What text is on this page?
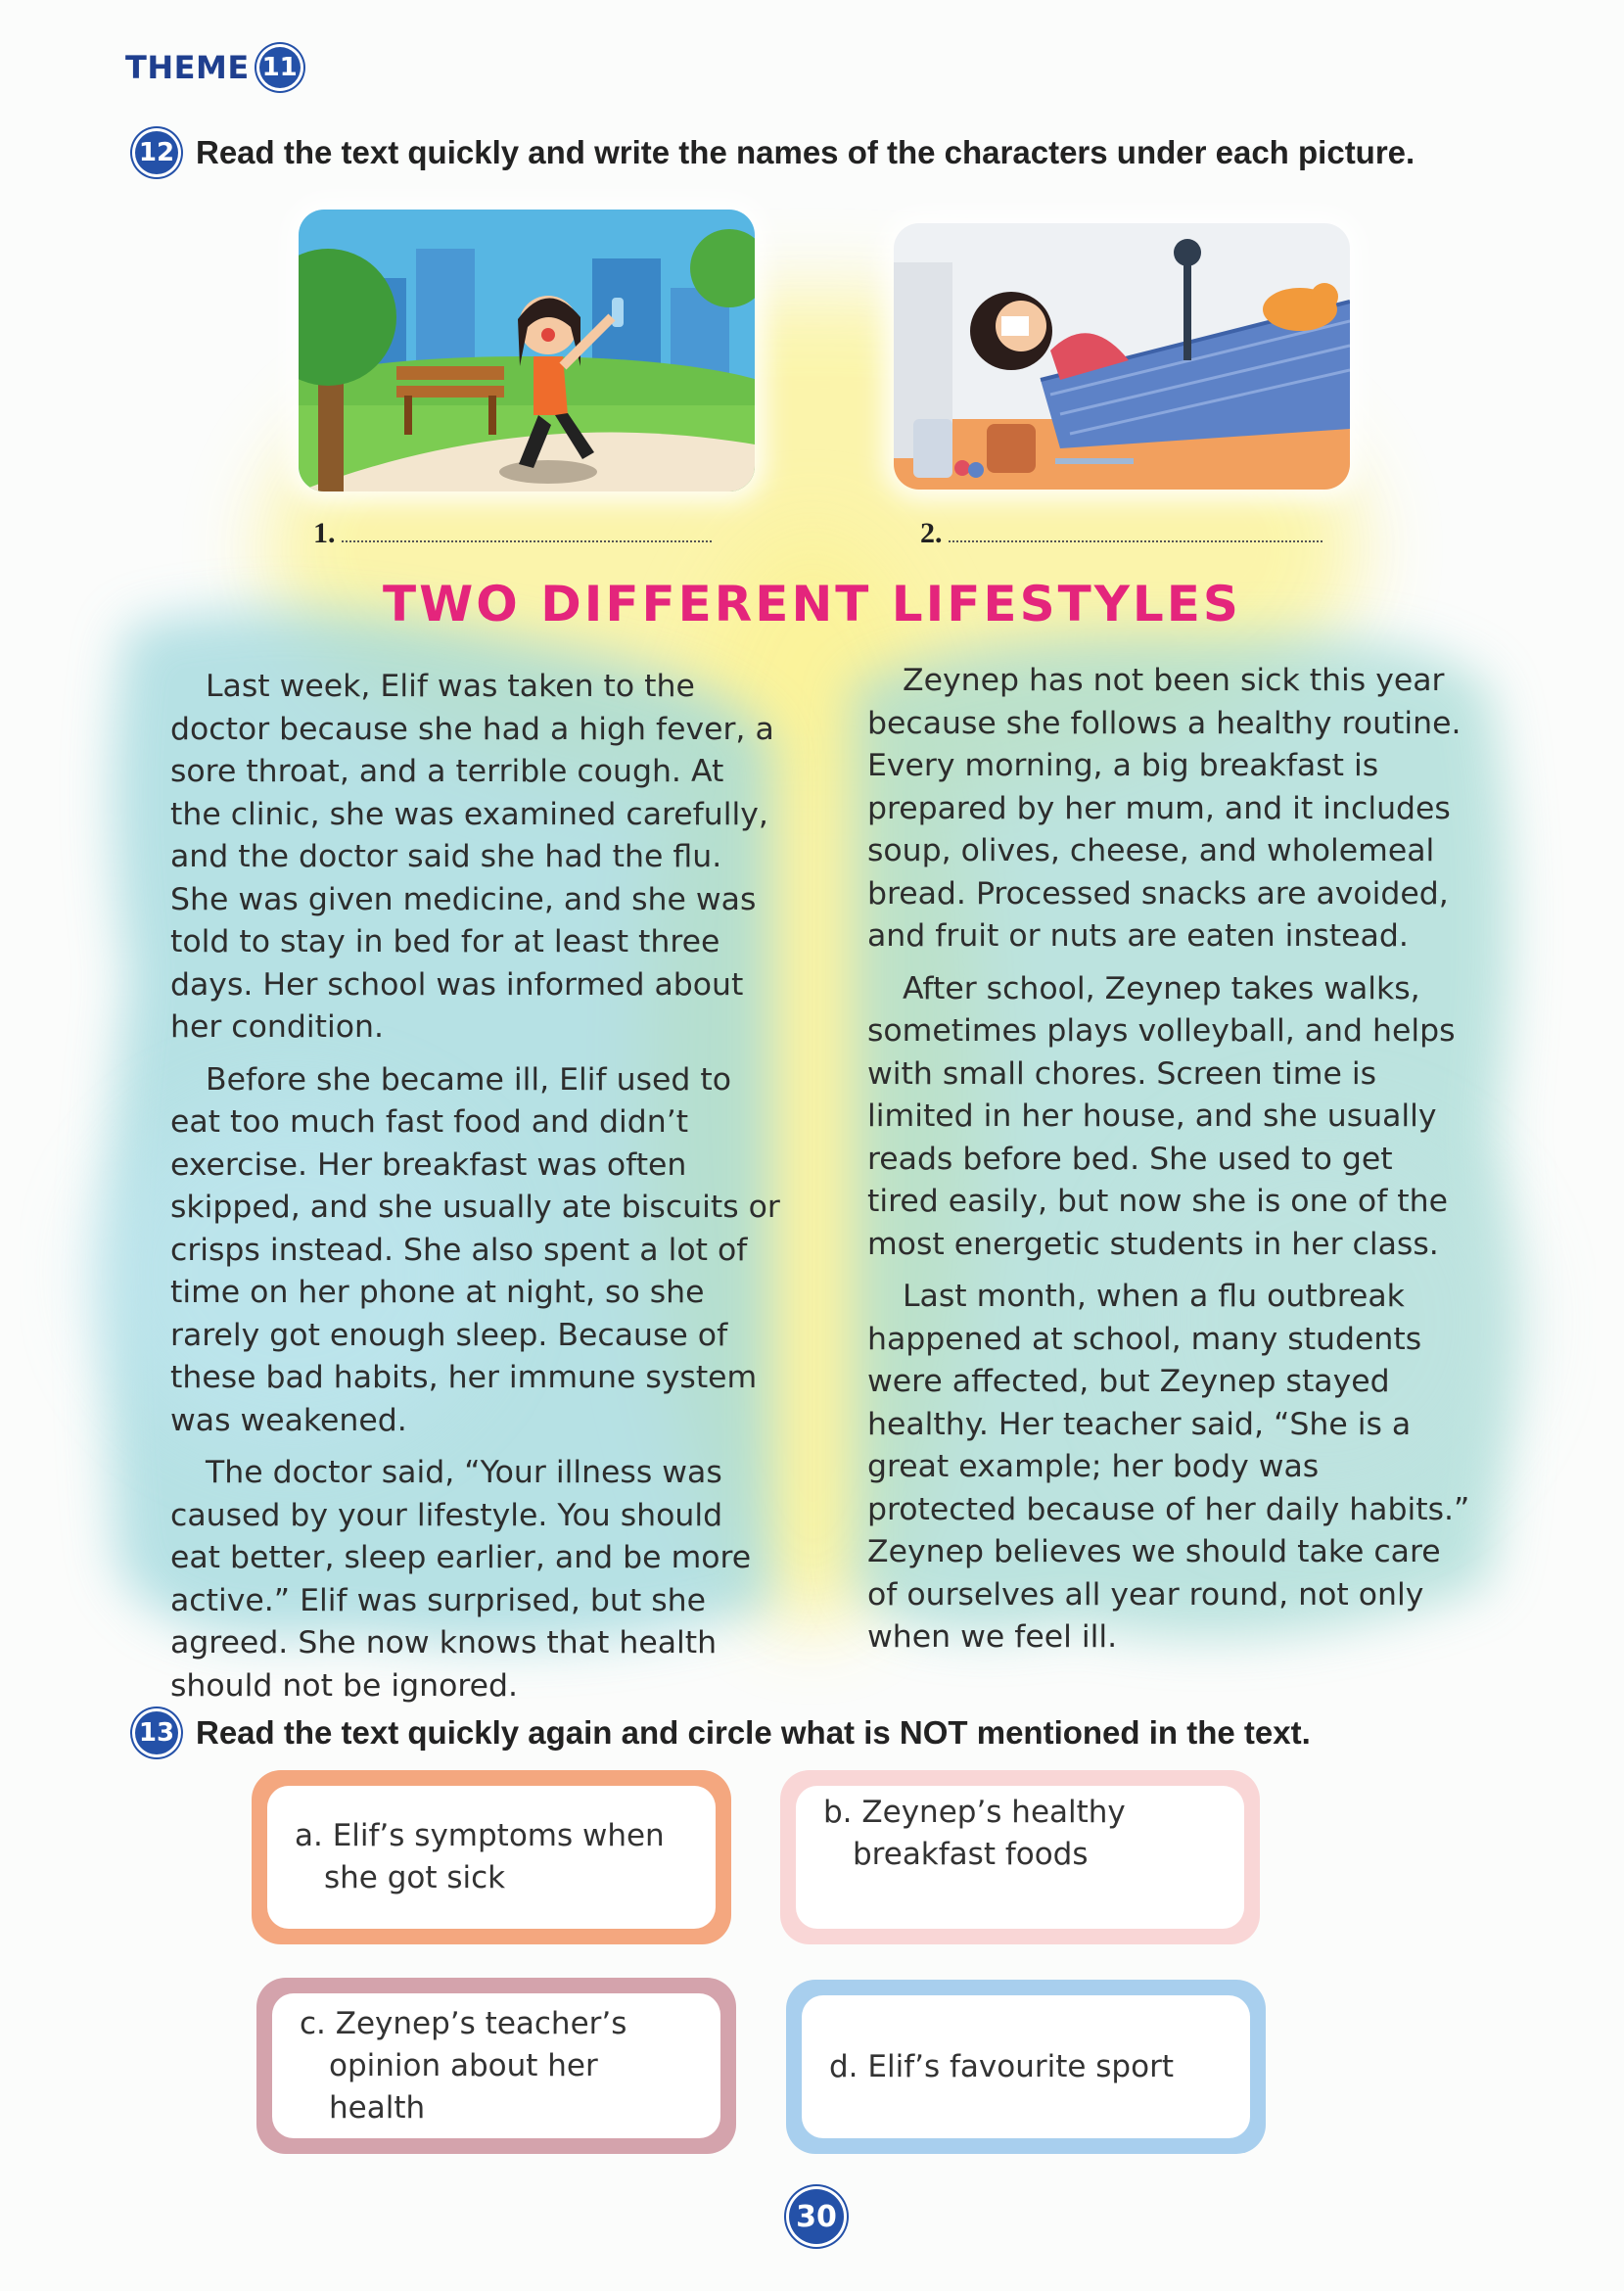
THEME 11
12 Read the text quickly and write the names of the characters under each picture.
1.	2.
TWO DIFFERENT LIFESTYLES

Last week, Elif was taken to the doctor because she had a high fever, a sore throat, and a terrible cough. At the clinic, she was examined carefully, and the doctor said she had the flu. She was given medicine, and she was told to stay in bed for at least three days. Her school was informed about her condition.

Before she became ill, Elif used to eat too much fast food and didn’t exercise. Her breakfast was often skipped, and she usually ate biscuits or crisps instead. She also spent a lot of time on her phone at night, so she rarely got enough sleep. Because of these bad habits, her immune system was weakened.

The doctor said, “Your illness was caused by your lifestyle. You should eat better, sleep earlier, and be more active.” Elif was surprised, but she agreed. She now knows that health should not be ignored.

Zeynep has not been sick this year because she follows a healthy routine. Every morning, a big breakfast is prepared by her mum, and it includes soup, olives, cheese, and wholemeal bread. Processed snacks are avoided, and fruit or nuts are eaten instead.

After school, Zeynep takes walks, sometimes plays volleyball, and helps with small chores. Screen time is limited in her house, and she usually reads before bed. She used to get tired easily, but now she is one of the most energetic students in her class.

Last month, when a flu outbreak happened at school, many students were affected, but Zeynep stayed healthy. Her teacher said, “She is a great example; her body was protected because of her daily habits.” Zeynep believes we should take care of ourselves all year round, not only when we feel ill.

13 Read the text quickly again and circle what is NOT mentioned in the text.
a. Elif’s symptoms when she got sick
b. Zeynep’s healthy breakfast foods
c. Zeynep’s teacher’s opinion about her health
d. Elif’s favourite sport
30
